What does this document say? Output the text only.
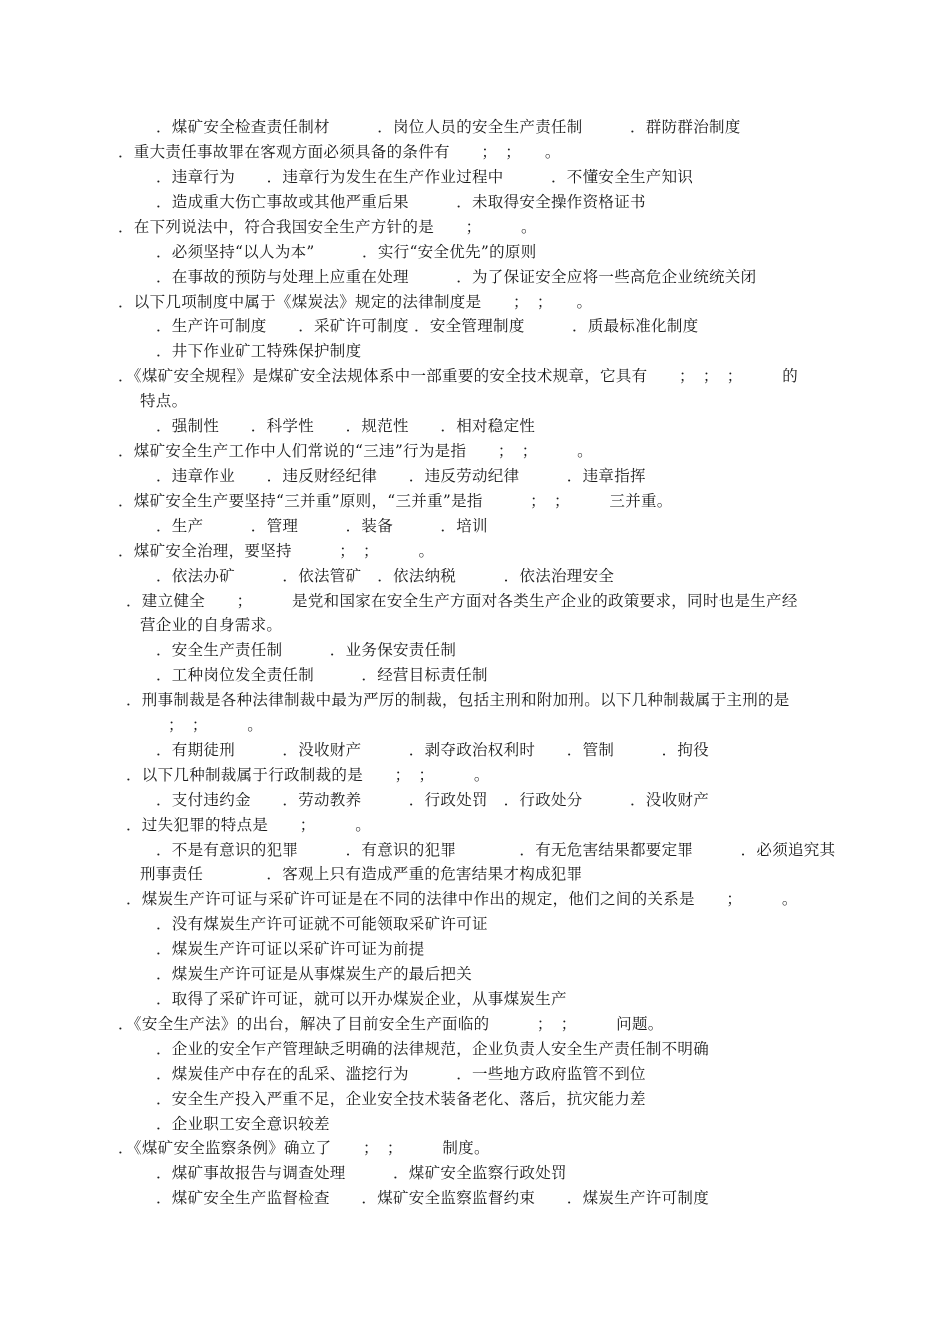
．煤矿安全检查责任制材　　　．岗位人员的安全生产责任制　　　．群防群治制度
．重大责任事故罪在客观方面必须具备的条件有　　；　；　　。
．违章行为　　．违章行为发生在生产作业过程中　　　．不懂安全生产知识
．造成重大伤亡事故或其他严重后果　　　．未取得安全操作资格证书
．在下列说法中，符合我国安全生产方针的是　　；　　　。
．必须坚持“以人为本”　　　．实行“安全优先”的原则
．在事故的预防与处理上应重在处理　　　．为了保证安全应将一些高危企业统统关闭
．以下几项制度中属于《煤炭法》规定的法律制度是　　；　；　　。
．生产许可制度　　．采矿许可制度 ．安全管理制度　　　．质最标准化制度
．井下作业矿工特殊保护制度
．《煤矿安全规程》是煤矿安全法规体系中一部重要的安全技术规章，它具有　　；　；　；　　　的
特点。
．强制性　　．科学性　　．规范性　　．相对稳定性
．煤矿安全生产工作中人们常说的“三违”行为是指　　；　；　　　。
．违章作业　　．违反财经纪律　　．违反劳动纪律　　　．违章指挥
．煤矿安全生产要坚持“三并重”原则，“三并重”是指　　　；　；　　　三并重。
．生产　　　．管理　　　．装备　　　．培训
．煤矿安全治理，要坚持　　　；　；　　　。
．依法办矿　　　．依法管矿　．依法纳税　　　．依法治理安全
．建立健全　　；　　　是党和国家在安全生产方面对各类生产企业的政策要求，同时也是生产经
营企业的自身需求。
．安全生产责任制　　　．业务保安责任制
．工种岗位发全责任制　　　．经营目标责任制
．刑事制裁是各种法律制裁中最为严厉的制裁，包括主刑和附加刑。以下几种制裁属于主刑的是
；　；　　　。
．有期徒刑　　　．没收财产　　　．剥夺政治权利时　　．管制　　　．拘役
．以下几种制裁属于行政制裁的是　　；　；　　　。
．支付违约金　　．劳动教养　　　．行政处罚　．行政处分　　　．没收财产
．过失犯罪的特点是　　；　　　。
．不是有意识的犯罪　　　．有意识的犯罪　　　　．有无危害结果都要定罪　　　．必须追究其
刑事责任　　　　．客观上只有造成严重的危害结果才构成犯罪
．煤炭生产许可证与采矿许可证是在不同的法律中作出的规定，他们之间的关系是　　；　　　。
．没有煤炭生产许可证就不可能领取采矿许可证
．煤炭生产许可证以采矿许可证为前提
．煤炭生产许可证是从事煤炭生产的最后把关
．取得了采矿许可证，就可以开办煤炭企业，从事煤炭生产
．《安全生产法》的出台，解决了目前安全生产面临的　　　；　；　　　问题。
．企业的安全乍产管理缺乏明确的法律规范，企业负责人安全生产责任制不明确
．煤炭佳产中存在的乱采、滥挖行为　　　．一些地方政府监管不到位
．安全生产投入严重不足，企业安全技术装备老化、落后，抗灾能力差
．企业职工安全意识较差
．《煤矿安全监察条例》确立了　　；　；　　　制度。
．煤矿事故报告与调查处理　　　．煤矿安全监察行政处罚
．煤矿安全生产监督检查　　．煤矿安全监察监督约束　　．煤炭生产许可制度
